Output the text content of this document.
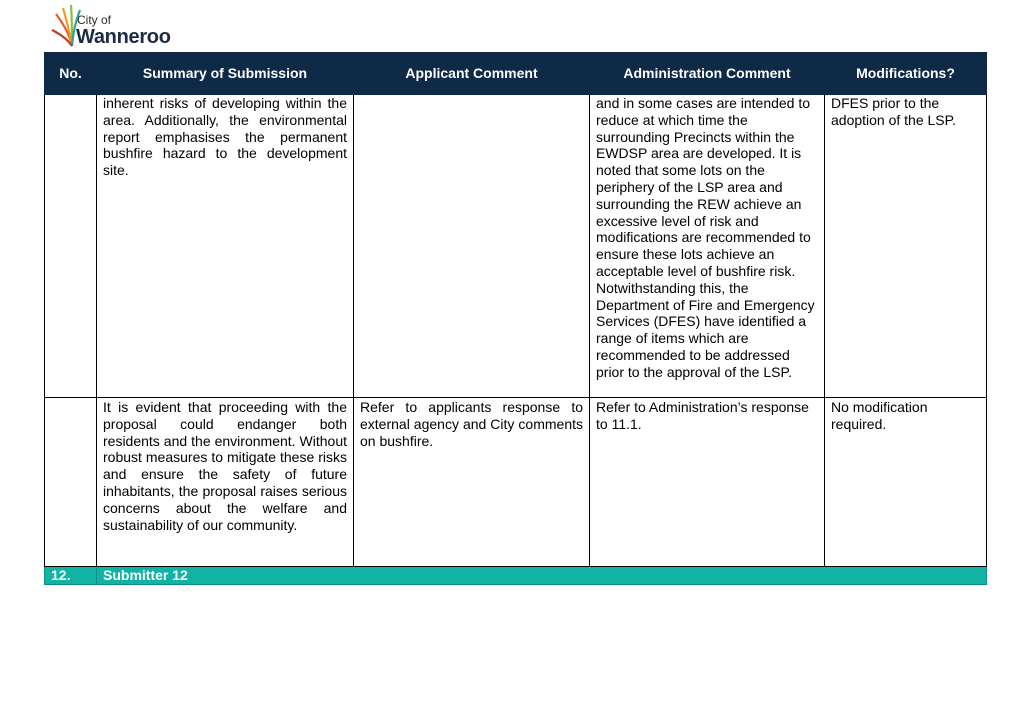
City of
Wanneroo
No.	Summary of Submission	Applicant Comment	Administration Comment	Modifications?
	inherent risks of developing within the area. Additionally, the environmental report emphasises the permanent bushfire hazard to the development site.		and in some cases are intended to reduce at which time the surrounding Precincts within the EWDSP area are developed. It is noted that some lots on the periphery of the LSP area and surrounding the REW achieve an excessive level of risk and modifications are recommended to ensure these lots achieve an acceptable level of bushfire risk. Notwithstanding this, the Department of Fire and Emergency Services (DFES) have identified a range of items which are recommended to be addressed prior to the approval of the LSP.	DFES prior to the adoption of the LSP.
	It is evident that proceeding with the proposal could endanger both residents and the environment. Without robust measures to mitigate these risks and ensure the safety of future inhabitants, the proposal raises serious concerns about the welfare and sustainability of our community.	Refer to applicants response to external agency and City comments on bushfire.	Refer to Administration’s response to 11.1.	No modification required.
12.	Submitter 12			
